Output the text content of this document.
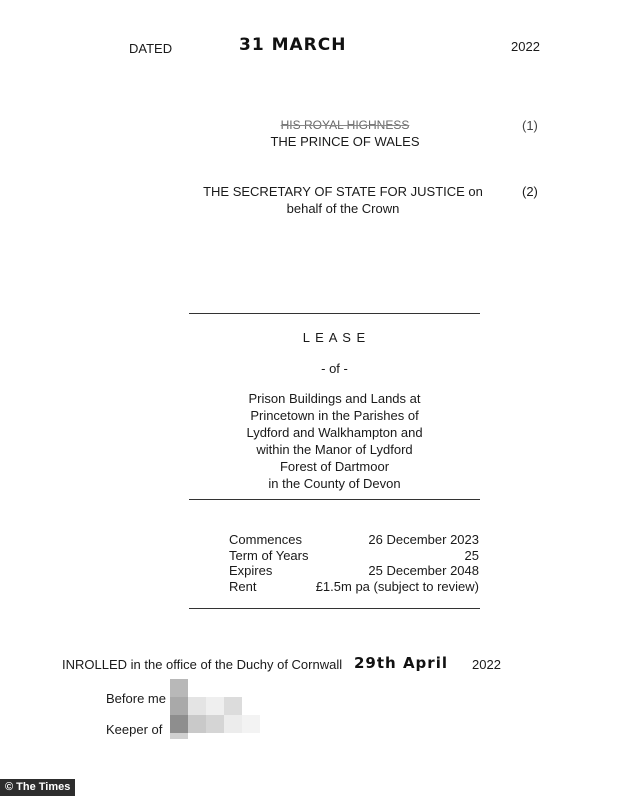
DATED	31 MARCH	2022
HIS ROYAL HIGHNESS
THE PRINCE OF WALES
(1)
THE SECRETARY OF STATE FOR JUSTICE on
behalf of the Crown
(2)
L E A S E
- of -
Prison Buildings and Lands at
Princetown in the Parishes of
Lydford and Walkhampton and
within the Manor of Lydford
Forest of Dartmoor
in the County of Devon
Commences	26 December 2023
Term of Years	25
Expires	25 December 2048
Rent	£1.5m pa (subject to review)
INROLLED in the office of the Duchy of Cornwall 29th April 2022
Before me
Keeper of
© The Times
